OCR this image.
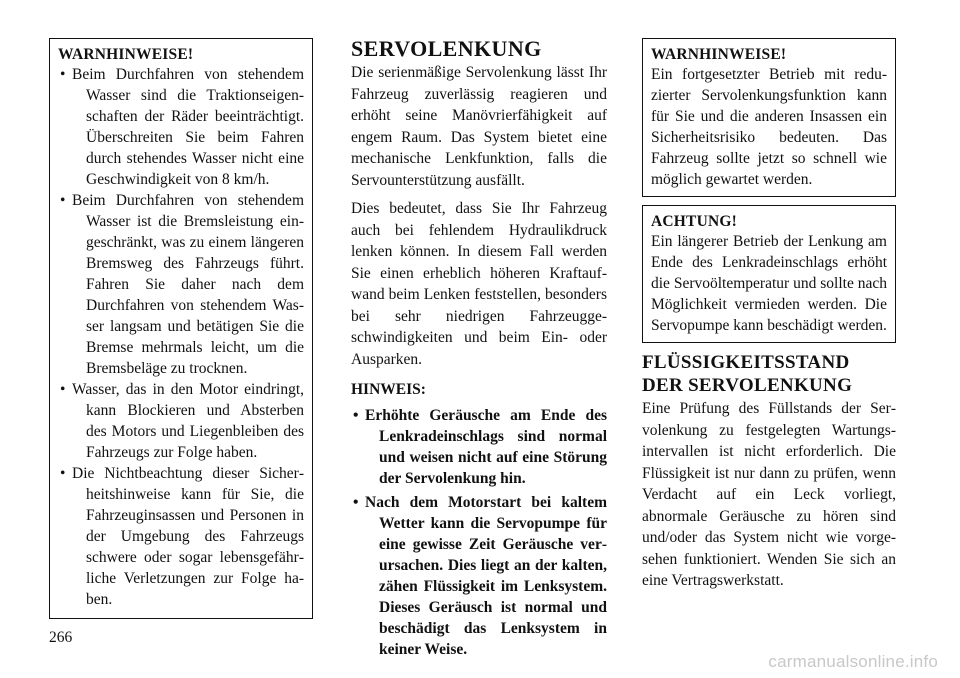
WARNHINWEISE!
• Beim Durchfahren von stehendem Wasser sind die Traktionseigenschaften der Räder beeinträchtigt. Überschreiten Sie beim Fahren durch stehendes Wasser nicht eine Geschwindigkeit von 8 km/h.
• Beim Durchfahren von stehendem Wasser ist die Bremsleistung eingeschränkt, was zu einem längeren Bremsweg des Fahrzeugs führt. Fahren Sie daher nach dem Durchfahren von stehendem Wasser langsam und betätigen Sie die Bremse mehrmals leicht, um die Bremsbeläge zu trocknen.
• Wasser, das in den Motor eindringt, kann Blockieren und Absterben des Motors und Liegenbleiben des Fahrzeugs zur Folge haben.
• Die Nichtbeachtung dieser Sicherheitshinweise kann für Sie, die Fahrzeuginsassen und Personen in der Umgebung des Fahrzeugs schwere oder sogar lebensgefährliche Verletzungen zur Folge haben.
SERVOLENKUNG

Die serienmäßige Servolenkung lässt Ihr Fahrzeug zuverlässig reagieren und erhöht seine Manövrierfähigkeit auf engem Raum. Das System bietet eine mechanische Lenkfunktion, falls die Servounterstützung ausfällt.

Dies bedeutet, dass Sie Ihr Fahrzeug auch bei fehlendem Hydraulikdruck lenken können. In diesem Fall werden Sie einen erheblich höheren Kraftaufwand beim Lenken feststellen, besonders bei sehr niedrigen Fahrzeuggeschwindigkeiten und beim Ein- oder Ausparken.

HINWEIS:
• Erhöhte Geräusche am Ende des Lenkradeinschlags sind normal und weisen nicht auf eine Störung der Servolenkung hin.
• Nach dem Motorstart bei kaltem Wetter kann die Servopumpe für eine gewisse Zeit Geräusche verursachen. Dies liegt an der kalten, zähen Flüssigkeit im Lenksystem. Dieses Geräusch ist normal und beschädigt das Lenksystem in keiner Weise.
WARNHINWEISE!

Ein fortgesetzter Betrieb mit reduzierter Servolenkungsfunktion kann für Sie und die anderen Insassen ein Sicherheitsrisiko bedeuten. Das Fahrzeug sollte jetzt so schnell wie möglich gewartet werden.

ACHTUNG!

Ein längerer Betrieb der Lenkung am Ende des Lenkradeinschlags erhöht die Servoöltemperatur und sollte nach Möglichkeit vermieden werden. Die Servopumpe kann beschädigt werden.

FLÜSSIGKEITSSTAND
DER SERVOLENKUNG

Eine Prüfung des Füllstands der Servolenkung zu festgelegten Wartungsintervallen ist nicht erforderlich. Die Flüssigkeit ist nur dann zu prüfen, wenn Verdacht auf ein Leck vorliegt, abnormale Geräusche zu hören sind und/oder das System nicht wie vorgesehen funktioniert. Wenden Sie sich an eine Vertragswerkstatt.

266
carmanualsonline.info
